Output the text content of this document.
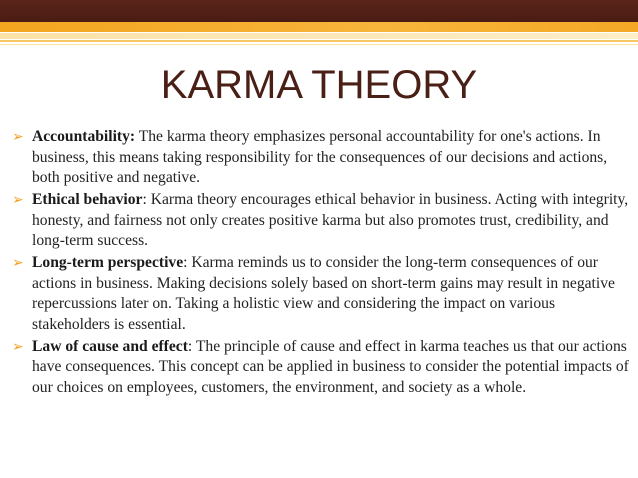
KARMA THEORY
➢ Accountability: The karma theory emphasizes personal accountability for one's actions. In business, this means taking responsibility for the consequences of our decisions and actions, both positive and negative.
➢ Ethical behavior: Karma theory encourages ethical behavior in business. Acting with integrity, honesty, and fairness not only creates positive karma but also promotes trust, credibility, and long-term success.
➢ Long-term perspective: Karma reminds us to consider the long-term consequences of our actions in business. Making decisions solely based on short-term gains may result in negative repercussions later on. Taking a holistic view and considering the impact on various stakeholders is essential.
➢ Law of cause and effect: The principle of cause and effect in karma teaches us that our actions have consequences. This concept can be applied in business to consider the potential impacts of our choices on employees, customers, the environment, and society as a whole.
